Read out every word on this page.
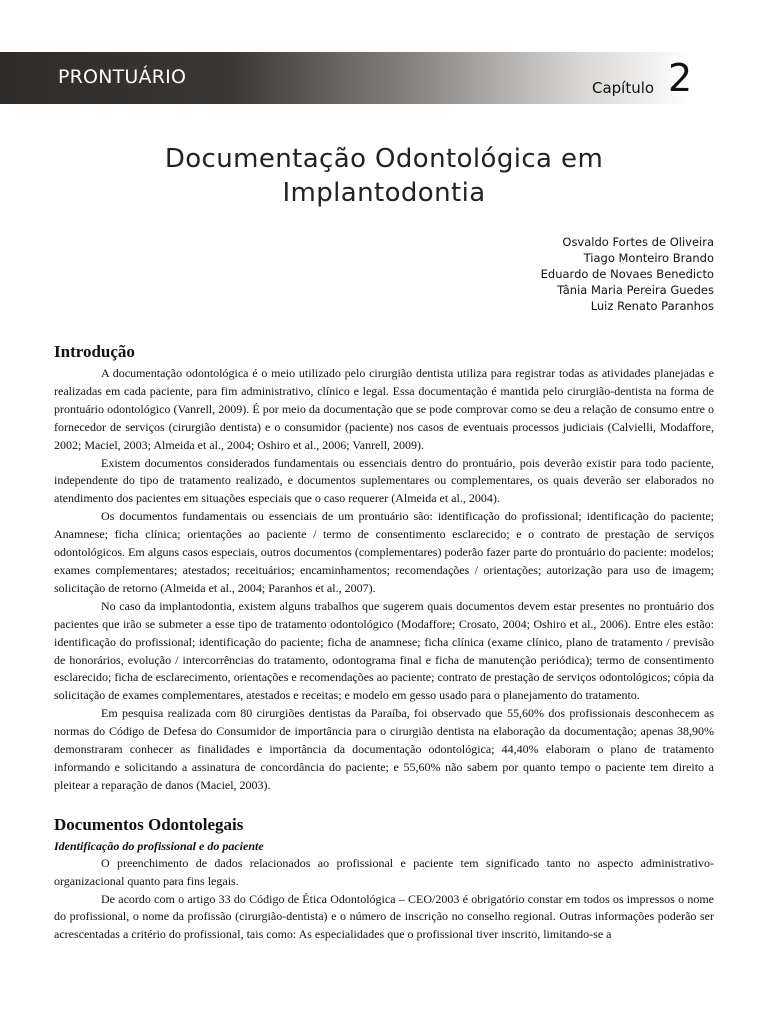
PRONTUÁRIO	Capítulo 2
Documentação Odontológica em
Implantodontia
Osvaldo Fortes de Oliveira
Tiago Monteiro Brando
Eduardo de Novaes Benedicto
Tânia Maria Pereira Guedes
Luiz Renato Paranhos
Introdução

A documentação odontológica é o meio utilizado pelo cirurgião dentista utiliza para registrar todas as atividades planejadas e realizadas em cada paciente, para fim administrativo, clínico e legal. Essa documentação é mantida pelo cirurgião-dentista na forma de prontuário odontológico (Vanrell, 2009). É por meio da documentação que se pode comprovar como se deu a relação de consumo entre o fornecedor de serviços (cirurgião dentista) e o consumidor (paciente) nos casos de eventuais processos judiciais (Calvielli, Modaffore, 2002; Maciel, 2003; Almeida et al., 2004; Oshiro et al., 2006; Vanrell, 2009).

Existem documentos considerados fundamentais ou essenciais dentro do prontuário, pois deverão existir para todo paciente, independente do tipo de tratamento realizado, e documentos suplementares ou complementares, os quais deverão ser elaborados no atendimento dos pacientes em situações especiais que o caso requerer (Almeida et al., 2004).

Os documentos fundamentais ou essenciais de um prontuário são: identificação do profissional; identificação do paciente; Anamnese; ficha clínica; orientações ao paciente / termo de consentimento esclarecido; e o contrato de prestação de serviços odontológicos. Em alguns casos especiais, outros documentos (complementares) poderão fazer parte do prontuário do paciente: modelos; exames complementares; atestados; receituários; encaminhamentos; recomendações / orientações; autorização para uso de imagem; solicitação de retorno (Almeida et al., 2004; Paranhos et al., 2007).

No caso da implantodontia, existem alguns trabalhos que sugerem quais documentos devem estar presentes no prontuário dos pacientes que irão se submeter a esse tipo de tratamento odontológico (Modaffore; Crosato, 2004; Oshiro et al., 2006). Entre eles estão: identificação do profissional; identificação do paciente; ficha de anamnese; ficha clínica (exame clínico, plano de tratamento / previsão de honorários, evolução / intercorrências do tratamento, odontograma final e ficha de manutenção periódica); termo de consentimento esclarecido; ficha de esclarecimento, orientações e recomendações ao paciente; contrato de prestação de serviços odontológicos; cópia da solicitação de exames complementares, atestados e receitas; e modelo em gesso usado para o planejamento do tratamento.

Em pesquisa realizada com 80 cirurgiões dentistas da Paraíba, foi observado que 55,60% dos profissionais desconhecem as normas do Código de Defesa do Consumidor de importância para o cirurgião dentista na elaboração da documentação; apenas 38,90% demonstraram conhecer as finalidades e importância da documentação odontológica; 44,40% elaboram o plano de tratamento informando e solicitando a assinatura de concordância do paciente; e 55,60% não sabem por quanto tempo o paciente tem direito a pleitear a reparação de danos (Maciel, 2003).

Documentos Odontolegais
Identificação do profissional e do paciente

O preenchimento de dados relacionados ao profissional e paciente tem significado tanto no aspecto administrativo-organizacional quanto para fins legais.

De acordo com o artigo 33 do Código de Ética Odontológica – CEO/2003 é obrigatório constar em todos os impressos o nome do profissional, o nome da profissão (cirurgião-dentista) e o número de inscrição no conselho regional. Outras informações poderão ser acrescentadas a critério do profissional, tais como: As especialidades que o profissional tiver inscrito, limitando-se a
